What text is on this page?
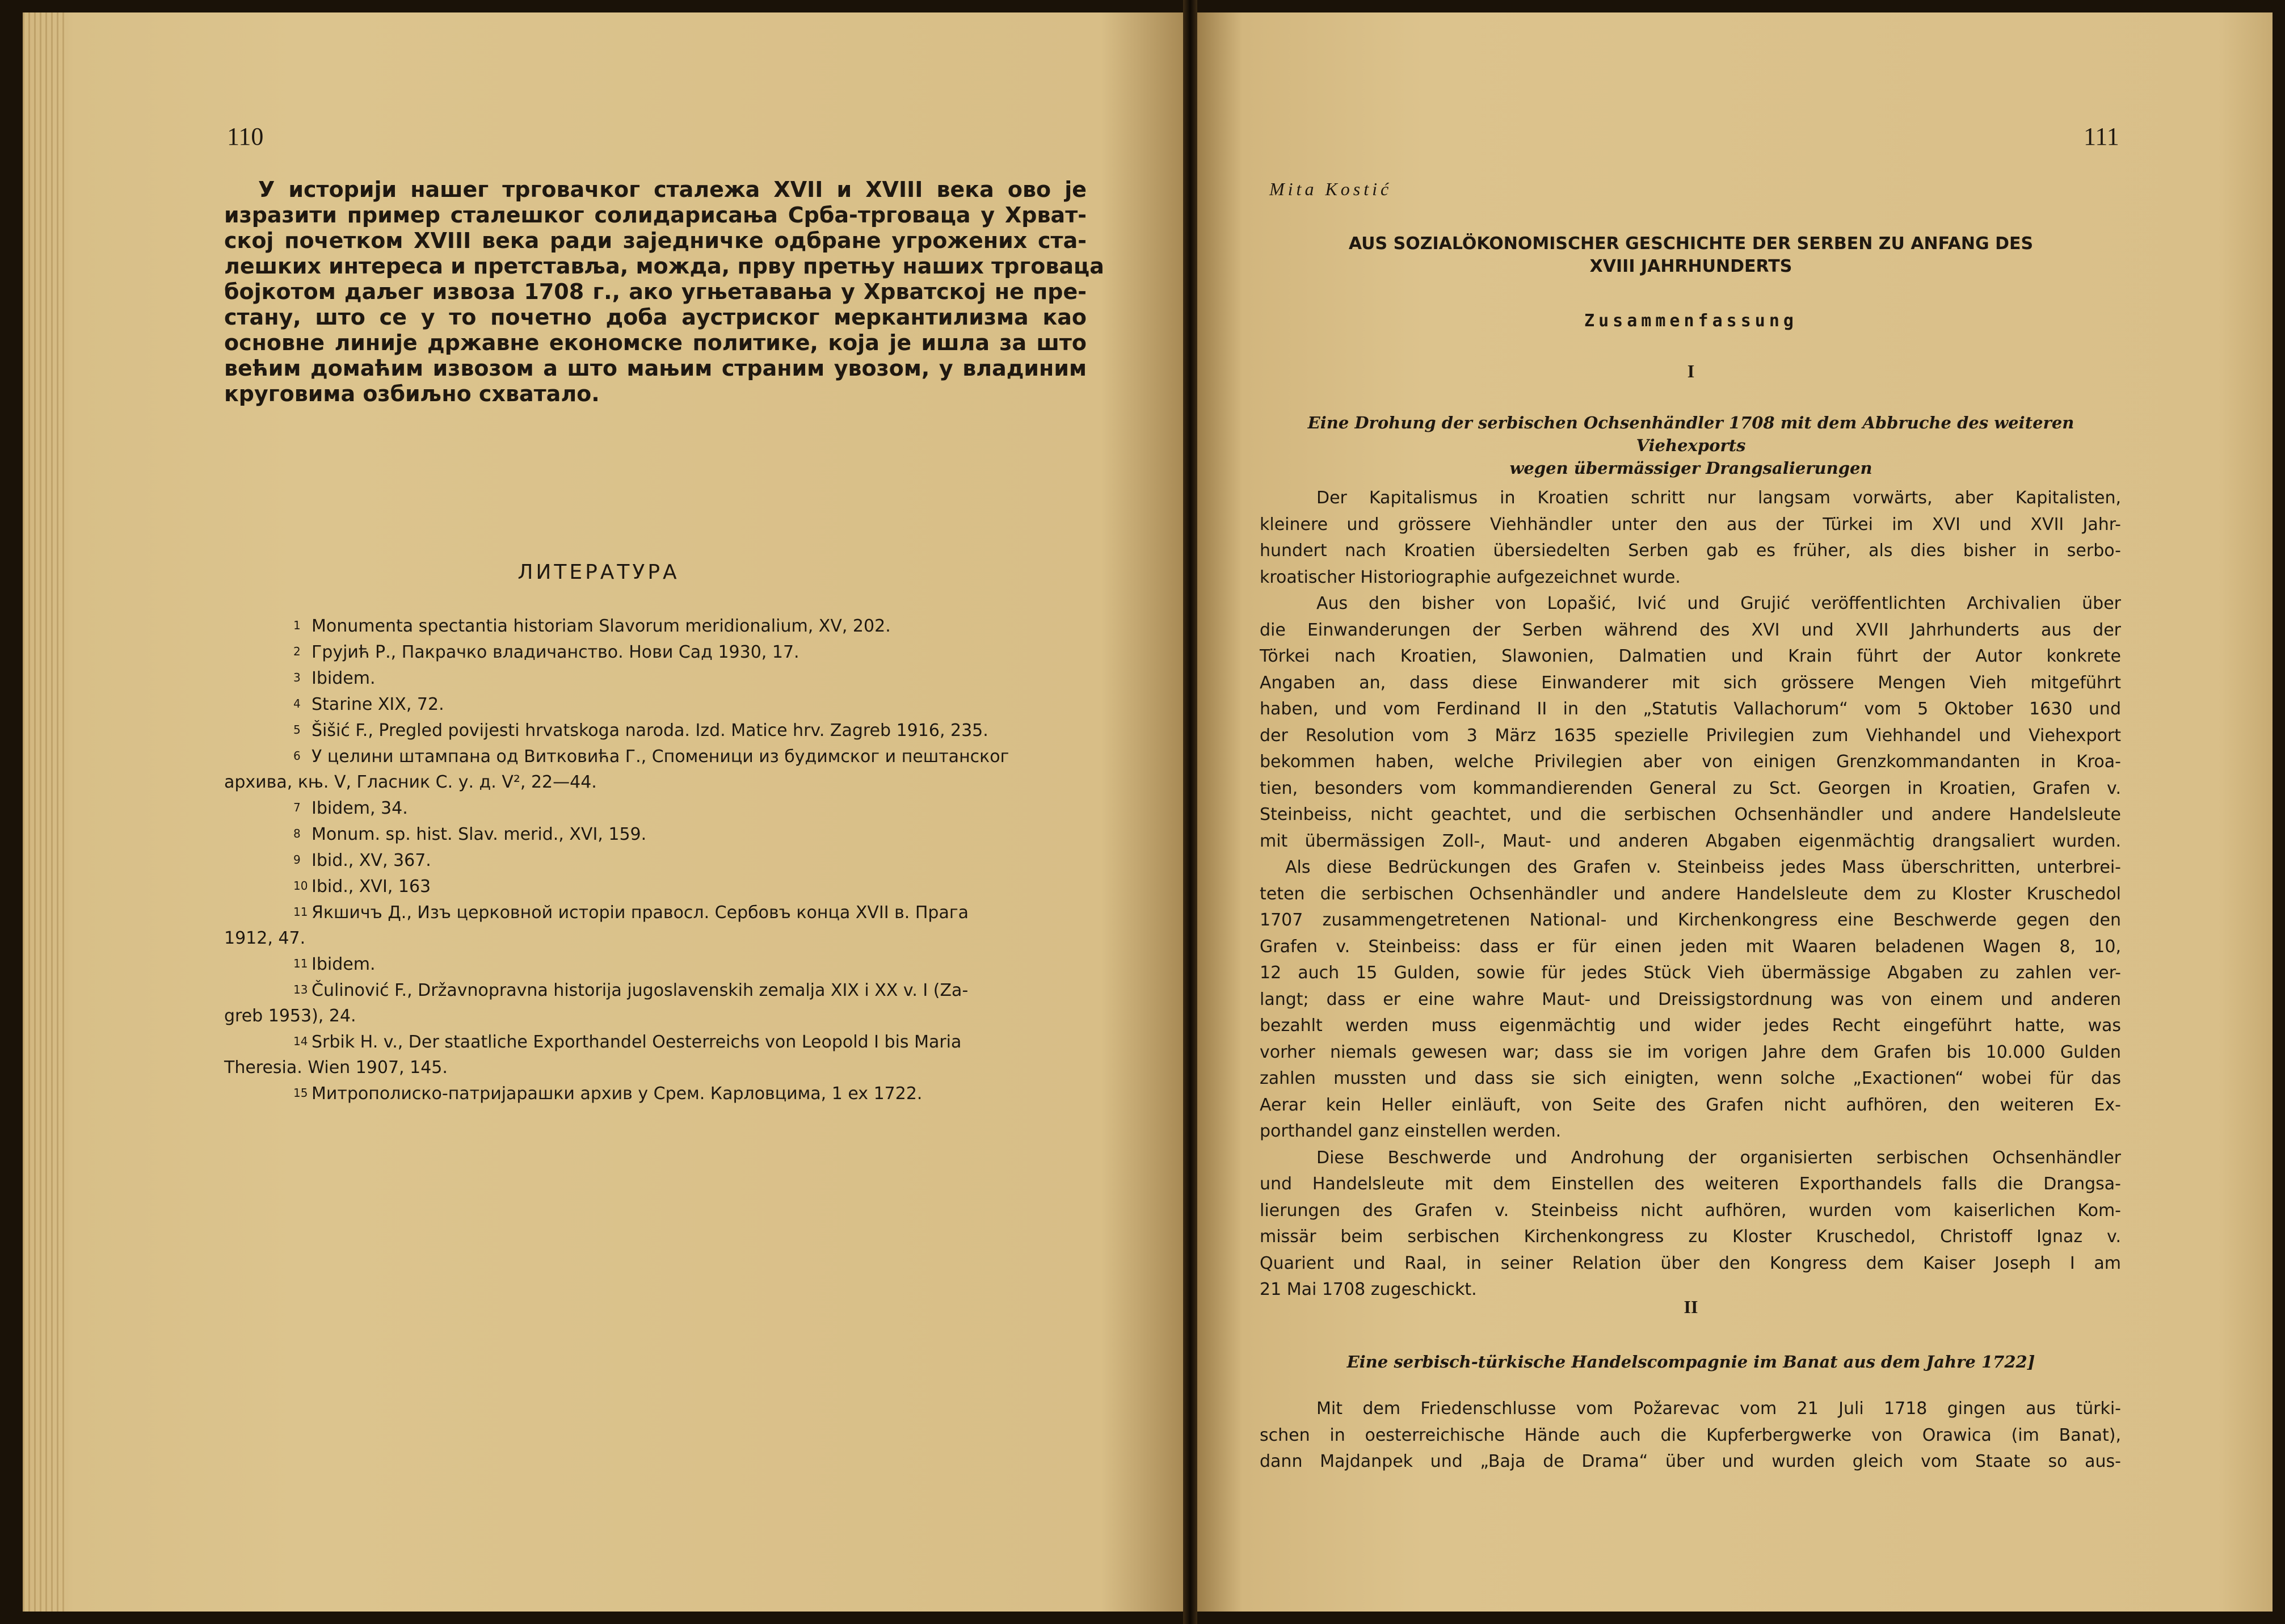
110	111
У историји нашег трговачког сталежа XVII и XVIII века ово је
изразити пример сталешког солидарисања Срба-трговаца у Хрват-
ској почетком XVIII века ради заједничке одбране угрожених ста-
лешких интереса и претставља, можда, прву претњу наших трговаца
бојкотом даљег извоза 1708 г., ако угњетавања у Хрватској не пре-
стану, што се у то почетно доба аустриског меркантилизма као
основне линије државне економске политике, која је ишла за што
већим домаћим извозом а што мањим страним увозом, у владиним
круговима озбиљно схватало.
ЛИТЕРАТУРА
1 Monumenta spectantia historiam Slavorum meridionalium, XV, 202.
2 Грујић Р., Пакрачко владичанство. Нови Сад 1930, 17.
3 Ibidem.
4 Starine XIX, 72.
5 Šišić F., Pregled povijesti hrvatskoga naroda. Izd. Matice hrv. Zagreb 1916, 235.
6 У целини штампана од Витковића Г., Споменици из будимског и пештанског
архива, књ. V, Гласник С. у. д. V², 22—44.
7 Ibidem, 34.
8 Monum. sp. hist. Slav. merid., XVI, 159.
9 Ibid., XV, 367.
10 Ibid., XVI, 163
11 Якшичъ Д., Изъ церковной исторiи правосл. Сербовъ конца XVII в. Прага
1912, 47.
11 Ibidem.
13 Čulinović F., Državnopravna historija jugoslavenskih zemalja XIX i XX v. I (Za-
greb 1953), 24.
14 Srbik H. v., Der staatliche Exporthandel Oesterreichs von Leopold I bis Maria
Theresia. Wien 1907, 145.
15 Митрополиско-патријарашки архив у Срем. Карловцима, 1 ex 1722.
Mita Kostić
AUS SOZIALÖKONOMISCHER GESCHICHTE DER SERBEN ZU ANFANG DES
XVIII JAHRHUNDERTS
Zusammenfassung
I
Eine Drohung der serbischen Ochsenhändler 1708 mit dem Abbruche des weiteren Viehexports
wegen übermässiger Drangsalierungen
Der Kapitalismus in Kroatien schritt nur langsam vorwärts, aber Kapitalisten,
kleinere und grössere Viehhändler unter den aus der Türkei im XVI und XVII Jahr-
hundert nach Kroatien übersiedelten Serben gab es früher, als dies bisher in serbo-
kroatischer Historiographie aufgezeichnet wurde.
Aus den bisher von Lopašić, Ivić und Grujić veröffentlichten Archivalien über
die Einwanderungen der Serben während des XVI und XVII Jahrhunderts aus der
Törkei nach Kroatien, Slawonien, Dalmatien und Krain führt der Autor konkrete
Angaben an, dass diese Einwanderer mit sich grössere Mengen Vieh mitgeführt
haben, und vom Ferdinand II in den „Statutis Vallachorum“ vom 5 Oktober 1630 und
der Resolution vom 3 März 1635 spezielle Privilegien zum Viehhandel und Viehexport
bekommen haben, welche Privilegien aber von einigen Grenzkommandanten in Kroa-
tien, besonders vom kommandierenden General zu Sct. Georgen in Kroatien, Grafen v.
Steinbeiss, nicht geachtet, und die serbischen Ochsenhändler und andere Handelsleute
mit übermässigen Zoll-, Maut- und anderen Abgaben eigenmächtig drangsaliert wurden.
Als diese Bedrückungen des Grafen v. Steinbeiss jedes Mass überschritten, unterbrei-
teten die serbischen Ochsenhändler und andere Handelsleute dem zu Kloster Kruschedol
1707 zusammengetretenen National- und Kirchenkongress eine Beschwerde gegen den
Grafen v. Steinbeiss: dass er für einen jeden mit Waaren beladenen Wagen 8, 10,
12 auch 15 Gulden, sowie für jedes Stück Vieh übermässige Abgaben zu zahlen ver-
langt; dass er eine wahre Maut- und Dreissigstordnung was von einem und anderen
bezahlt werden muss eigenmächtig und wider jedes Recht eingeführt hatte, was
vorher niemals gewesen war; dass sie im vorigen Jahre dem Grafen bis 10.000 Gulden
zahlen mussten und dass sie sich einigten, wenn solche „Exactionen“ wobei für das
Aerar kein Heller einläuft, von Seite des Grafen nicht aufhören, den weiteren Ex-
porthandel ganz einstellen werden.
Diese Beschwerde und Androhung der organisierten serbischen Ochsenhändler
und Handelsleute mit dem Einstellen des weiteren Exporthandels falls die Drangsa-
lierungen des Grafen v. Steinbeiss nicht aufhören, wurden vom kaiserlichen Kom-
missär beim serbischen Kirchenkongress zu Kloster Kruschedol, Christoff Ignaz v.
Quarient und Raal, in seiner Relation über den Kongress dem Kaiser Joseph I am
21 Mai 1708 zugeschickt.
II
Eine serbisch-türkische Handelscompagnie im Banat aus dem Jahre 1722]
Mit dem Friedenschlusse vom Požarevac vom 21 Juli 1718 gingen aus türki-
schen in oesterreichische Hände auch die Kupferbergwerke von Orawica (im Banat),
dann Majdanpek und „Baja de Drama“ über und wurden gleich vom Staate so aus-
